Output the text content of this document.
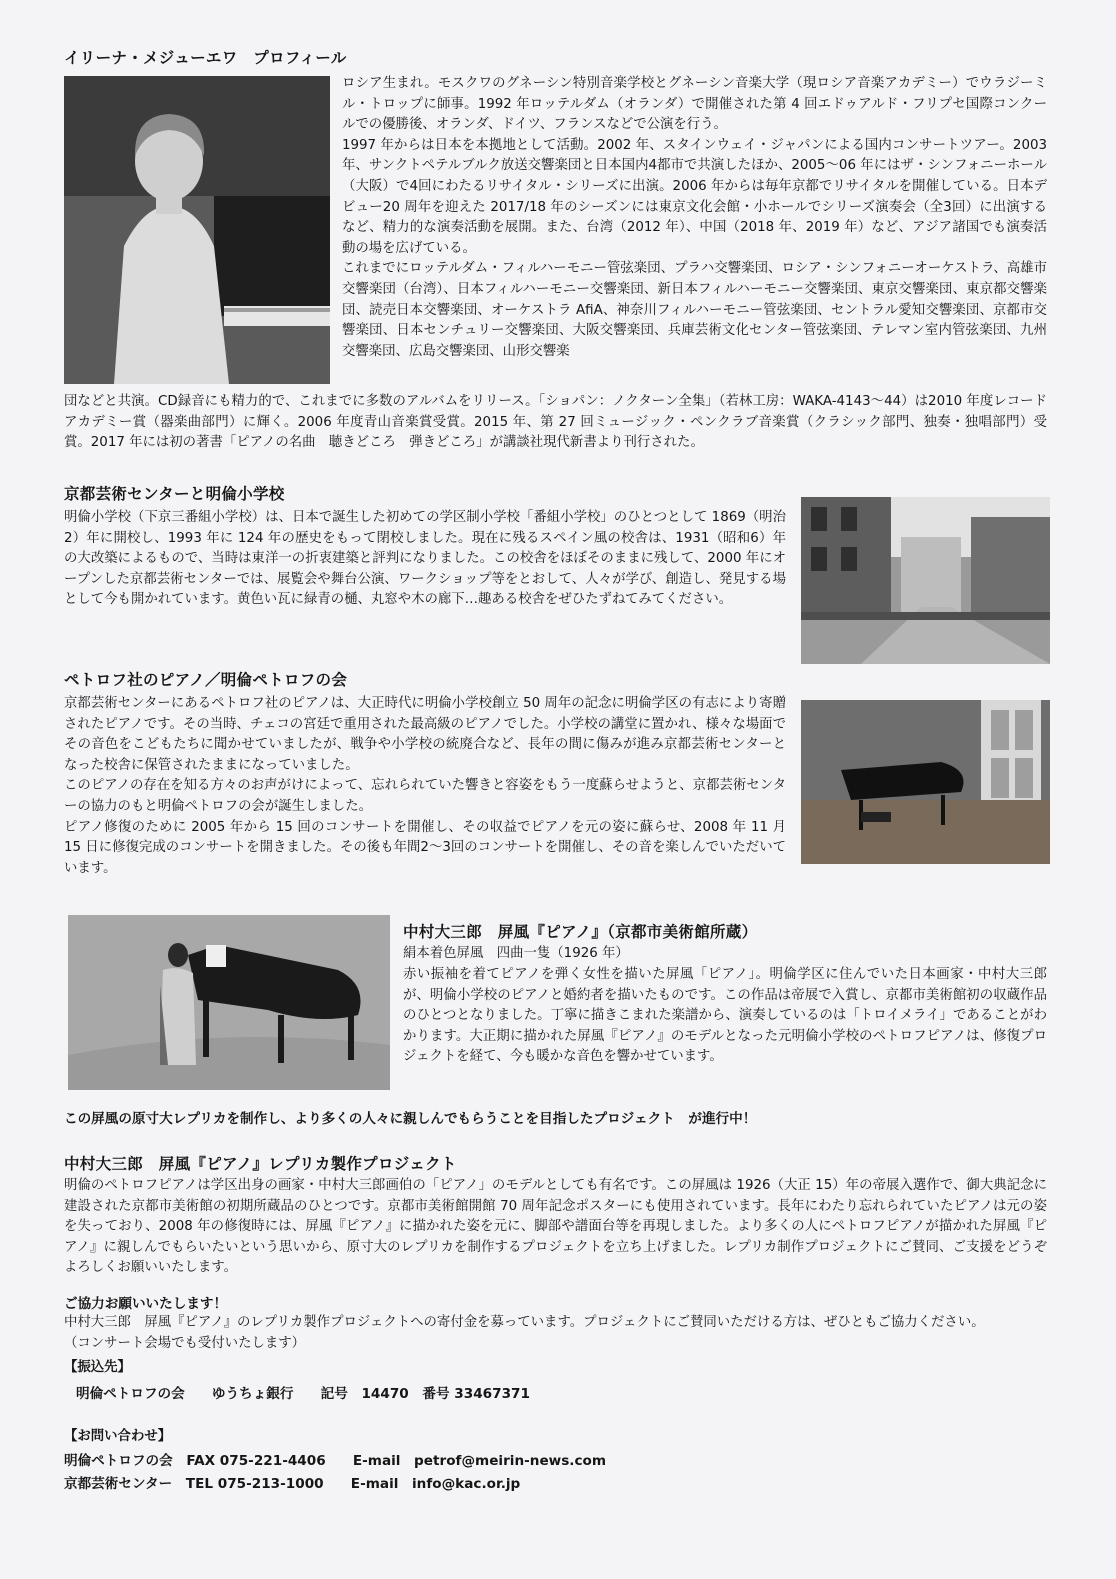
イリーナ・メジューエワ　プロフィール

ロシア生まれ。モスクワのグネーシン特別音楽学校とグネーシン音楽大学（現ロシア音楽アカデミー）でウラジーミル・トロップに師事。1992 年ロッテルダム（オランダ）で開催された第 4 回エドゥアルド・フリプセ国際コンクールでの優勝後、オランダ、ドイツ、フランスなどで公演を行う。

1997 年からは日本を本拠地として活動。2002 年、スタインウェイ・ジャパンによる国内コンサートツアー。2003 年、サンクトペテルブルク放送交響楽団と日本国内4都市で共演したほか、2005～06 年にはザ・シンフォニーホール（大阪）で4回にわたるリサイタル・シリーズに出演。2006 年からは毎年京都でリサイタルを開催している。日本デビュー20 周年を迎えた 2017/18 年のシーズンには東京文化会館・小ホールでシリーズ演奏会（全3回）に出演するなど、精力的な演奏活動を展開。また、台湾（2012 年）、中国（2018 年、2019 年）など、アジア諸国でも演奏活動の場を広げている。

これまでにロッテルダム・フィルハーモニー管弦楽団、プラハ交響楽団、ロシア・シンフォニーオーケストラ、高雄市交響楽団（台湾）、日本フィルハーモニー交響楽団、新日本フィルハーモニー交響楽団、東京交響楽団、東京都交響楽団、読売日本交響楽団、オーケストラ AfiA、神奈川フィルハーモニー管弦楽団、セントラル愛知交響楽団、京都市交響楽団、日本センチュリー交響楽団、大阪交響楽団、兵庫芸術文化センター管弦楽団、テレマン室内管弦楽団、九州交響楽団、広島交響楽団、山形交響楽

団などと共演。CD録音にも精力的で、これまでに多数のアルバムをリリース。「ショパン：ノクターン全集」（若林工房：WAKA-4143～44）は2010 年度レコードアカデミー賞（器楽曲部門）に輝く。2006 年度青山音楽賞受賞。2015 年、第 27 回ミュージック・ペンクラブ音楽賞（クラシック部門、独奏・独唱部門）受賞。2017 年には初の著書「ピアノの名曲　聴きどころ　弾きどころ」が講談社現代新書より刊行された。

京都芸術センターと明倫小学校

明倫小学校（下京三番組小学校）は、日本で誕生した初めての学区制小学校「番組小学校」のひとつとして 1869（明治 2）年に開校し、1993 年に 124 年の歴史をもって閉校しました。現在に残るスペイン風の校舎は、1931（昭和6）年の大改築によるもので、当時は東洋一の折衷建築と評判になりました。この校舎をほぼそのままに残して、2000 年にオープンした京都芸術センターでは、展覧会や舞台公演、ワークショップ等をとおして、人々が学び、創造し、発見する場として今も開かれています。黄色い瓦に緑青の樋、丸窓や木の廊下…趣ある校舎をぜひたずねてみてください。

ペトロフ社のピアノ／明倫ペトロフの会

京都芸術センターにあるペトロフ社のピアノは、大正時代に明倫小学校創立 50 周年の記念に明倫学区の有志により寄贈されたピアノです。その当時、チェコの宮廷で重用された最高級のピアノでした。小学校の講堂に置かれ、様々な場面でその音色をこどもたちに聞かせていましたが、戦争や小学校の統廃合など、長年の間に傷みが進み京都芸術センターとなった校舎に保管されたままになっていました。

このピアノの存在を知る方々のお声がけによって、忘れられていた響きと容姿をもう一度蘇らせようと、京都芸術センターの協力のもと明倫ペトロフの会が誕生しました。

ピアノ修復のために 2005 年から 15 回のコンサートを開催し、その収益でピアノを元の姿に蘇らせ、2008 年 11 月 15 日に修復完成のコンサートを開きました。その後も年間2～3回のコンサートを開催し、その音を楽しんでいただいています。

中村大三郎　屏風『ピアノ』（京都市美術館所蔵）

絹本着色屏風　四曲一隻（1926 年）

赤い振袖を着てピアノを弾く女性を描いた屏風「ピアノ」。明倫学区に住んでいた日本画家・中村大三郎が、明倫小学校のピアノと婚約者を描いたものです。この作品は帝展で入賞し、京都市美術館初の収蔵作品のひとつとなりました。丁寧に描きこまれた楽譜から、演奏しているのは「トロイメライ」であることがわかります。大正期に描かれた屏風『ピアノ』のモデルとなった元明倫小学校のペトロフピアノは、修復プロジェクトを経て、今も暖かな音色を響かせています。

この屏風の原寸大レプリカを制作し、より多くの人々に親しんでもらうことを目指したプロジェクト　が進行中！
中村大三郎　屏風『ピアノ』レプリカ製作プロジェクト

明倫のペトロフピアノは学区出身の画家・中村大三郎画伯の「ピアノ」のモデルとしても有名です。この屏風は 1926（大正 15）年の帝展入選作で、御大典記念に建設された京都市美術館の初期所蔵品のひとつです。京都市美術館開館 70 周年記念ポスターにも使用されています。長年にわたり忘れられていたピアノは元の姿を失っており、2008 年の修復時には、屏風『ピアノ』に描かれた姿を元に、脚部や譜面台等を再現しました。より多くの人にペトロフピアノが描かれた屏風『ピアノ』に親しんでもらいたいという思いから、原寸大のレプリカを制作するプロジェクトを立ち上げました。レプリカ制作プロジェクトにご賛同、ご支援をどうぞよろしくお願いいたします。

ご協力お願いいたします！

中村大三郎　屏風『ピアノ』のレプリカ製作プロジェクトへの寄付金を募っています。プロジェクトにご賛同いただける方は、ぜひともご協力ください。

（コンサート会場でも受付いたします）

【振込先】
明倫ペトロフの会　　ゆうちょ銀行　　記号　14470　番号 33467371
【お問い合わせ】
明倫ペトロフの会　FAX 075-221-4406　　E-mail　petrof@meirin-news.com
京都芸術センター　TEL 075-213-1000　　E-mail　info@kac.or.jp
